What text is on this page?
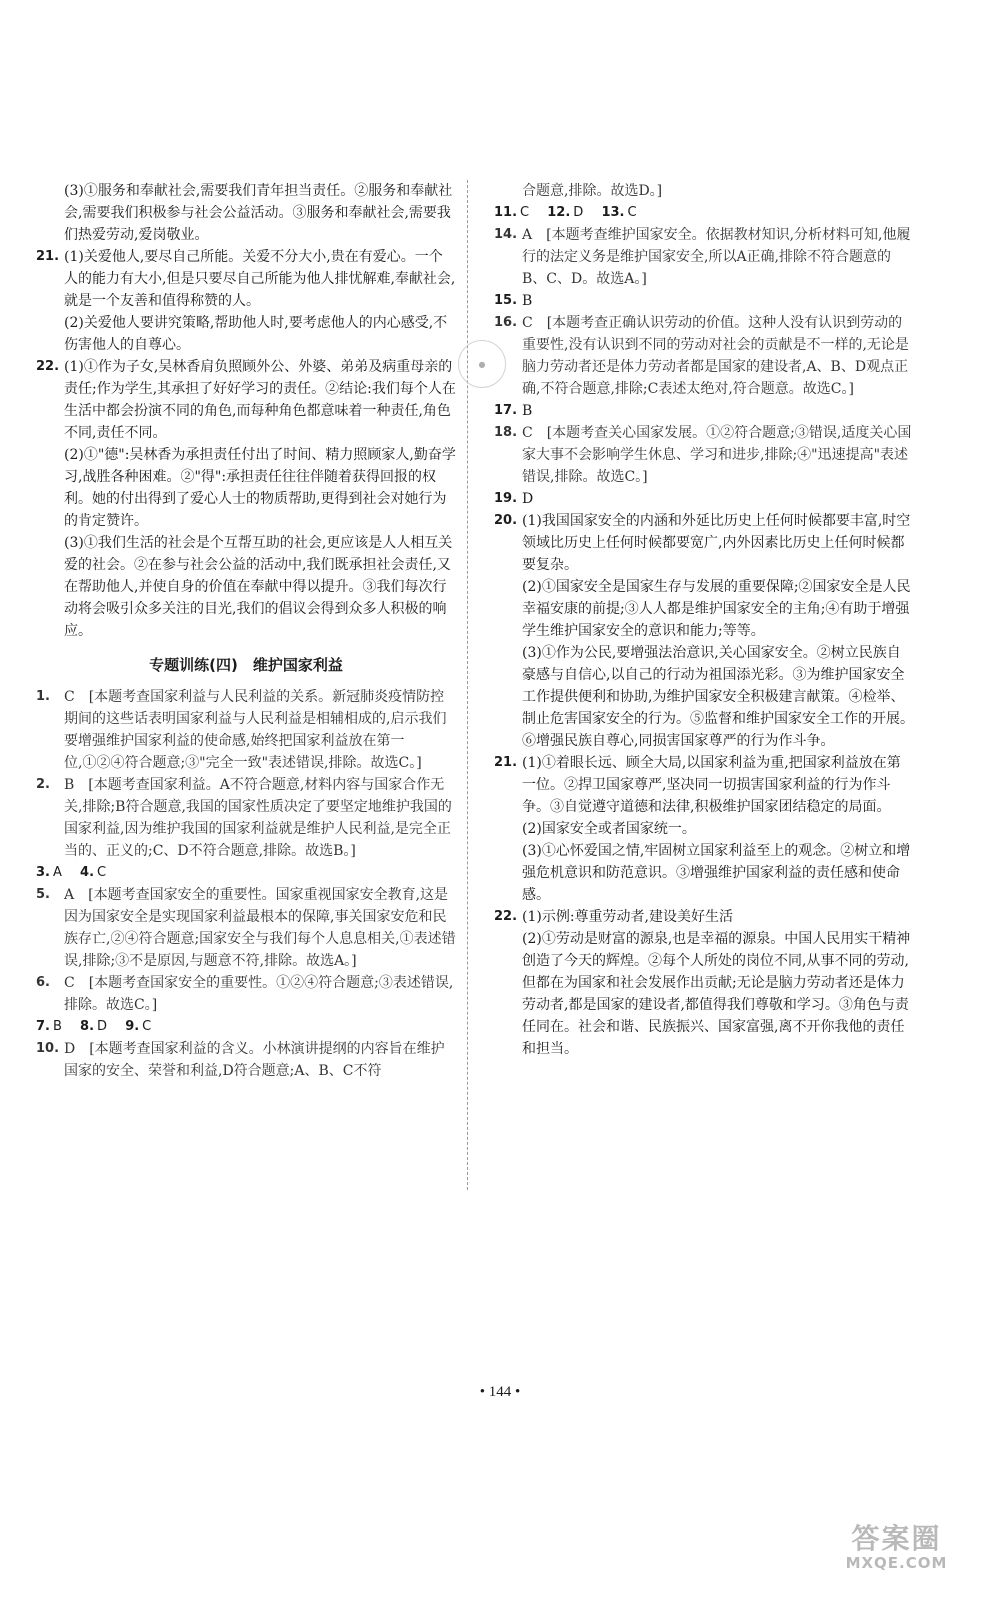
●
(3)①服务和奉献社会,需要我们青年担当责任。②服务和奉献社会,需要我们积极参与社会公益活动。③服务和奉献社会,需要我们热爱劳动,爱岗敬业。
21. (1)关爱他人,要尽自己所能。关爱不分大小,贵在有爱心。一个人的能力有大小,但是只要尽自己所能为他人排忧解难,奉献社会,就是一个友善和值得称赞的人。
(2)关爱他人要讲究策略,帮助他人时,要考虑他人的内心感受,不伤害他人的自尊心。
22. (1)①作为子女,吴林香肩负照顾外公、外婆、弟弟及病重母亲的责任;作为学生,其承担了好好学习的责任。②结论:我们每个人在生活中都会扮演不同的角色,而每种角色都意味着一种责任,角色不同,责任不同。
(2)①"德":吴林香为承担责任付出了时间、精力照顾家人,勤奋学习,战胜各种困难。②"得":承担责任往往伴随着获得回报的权利。她的付出得到了爱心人士的物质帮助,更得到社会对她行为的肯定赞许。
(3)①我们生活的社会是个互帮互助的社会,更应该是人人相互关爱的社会。②在参与社会公益的活动中,我们既承担社会责任,又在帮助他人,并使自身的价值在奉献中得以提升。③我们每次行动将会吸引众多关注的目光,我们的倡议会得到众多人积极的响应。
专题训练(四)　维护国家利益
1.	C　[本题考查国家利益与人民利益的关系。新冠肺炎疫情防控期间的这些话表明国家利益与人民利益是相辅相成的,启示我们要增强维护国家利益的使命感,始终把国家利益放在第一位,①②④符合题意;③"完全一致"表述错误,排除。故选C。]
2.	B　[本题考查国家利益。A不符合题意,材料内容与国家合作无关,排除;B符合题意,我国的国家性质决定了要坚定地维护我国的国家利益,因为维护我国的国家利益就是维护人民利益,是完全正当的、正义的;C、D不符合题意,排除。故选B。]
3. A 4. C
5.	A　[本题考查国家安全的重要性。国家重视国家安全教育,这是因为国家安全是实现国家利益最根本的保障,事关国家安危和民族存亡,②④符合题意;国家安全与我们每个人息息相关,①表述错误,排除;③不是原因,与题意不符,排除。故选A。]
6.	C　[本题考查国家安全的重要性。①②④符合题意;③表述错误,排除。故选C。]
7. B 8. D 9. C
10. D　[本题考查国家利益的含义。小林演讲提纲的内容旨在维护国家的安全、荣誉和利益,D符合题意;A、B、C不符
合题意,排除。故选D。]
11. C 12. D 13. C
14. A　[本题考查维护国家安全。依据教材知识,分析材料可知,他履行的法定义务是维护国家安全,所以A正确,排除不符合题意的B、C、D。故选A。]
15. B
16. C　[本题考查正确认识劳动的价值。这种人没有认识到劳动的重要性,没有认识到不同的劳动对社会的贡献是不一样的,无论是脑力劳动者还是体力劳动者都是国家的建设者,A、B、D观点正确,不符合题意,排除;C表述太绝对,符合题意。故选C。]
17. B
18. C　[本题考查关心国家发展。①②符合题意;③错误,适度关心国家大事不会影响学生休息、学习和进步,排除;④"迅速提高"表述错误,排除。故选C。]
19. D
20. (1)我国国家安全的内涵和外延比历史上任何时候都要丰富,时空领域比历史上任何时候都要宽广,内外因素比历史上任何时候都要复杂。
(2)①国家安全是国家生存与发展的重要保障;②国家安全是人民幸福安康的前提;③人人都是维护国家安全的主角;④有助于增强学生维护国家安全的意识和能力;等等。
(3)①作为公民,要增强法治意识,关心国家安全。②树立民族自豪感与自信心,以自己的行动为祖国添光彩。③为维护国家安全工作提供便利和协助,为维护国家安全积极建言献策。④检举、制止危害国家安全的行为。⑤监督和维护国家安全工作的开展。⑥增强民族自尊心,同损害国家尊严的行为作斗争。
21. (1)①着眼长远、顾全大局,以国家利益为重,把国家利益放在第一位。②捍卫国家尊严,坚决同一切损害国家利益的行为作斗争。③自觉遵守道德和法律,积极维护国家团结稳定的局面。
(2)国家安全或者国家统一。
(3)①心怀爱国之情,牢固树立国家利益至上的观念。②树立和增强危机意识和防范意识。③增强维护国家利益的责任感和使命感。
22. (1)示例:尊重劳动者,建设美好生活
(2)①劳动是财富的源泉,也是幸福的源泉。中国人民用实干精神创造了今天的辉煌。②每个人所处的岗位不同,从事不同的劳动,但都在为国家和社会发展作出贡献;无论是脑力劳动者还是体力劳动者,都是国家的建设者,都值得我们尊敬和学习。③角色与责任同在。社会和谐、民族振兴、国家富强,离不开你我他的责任和担当。
• 144 •
答案圈
MXQE.COM
